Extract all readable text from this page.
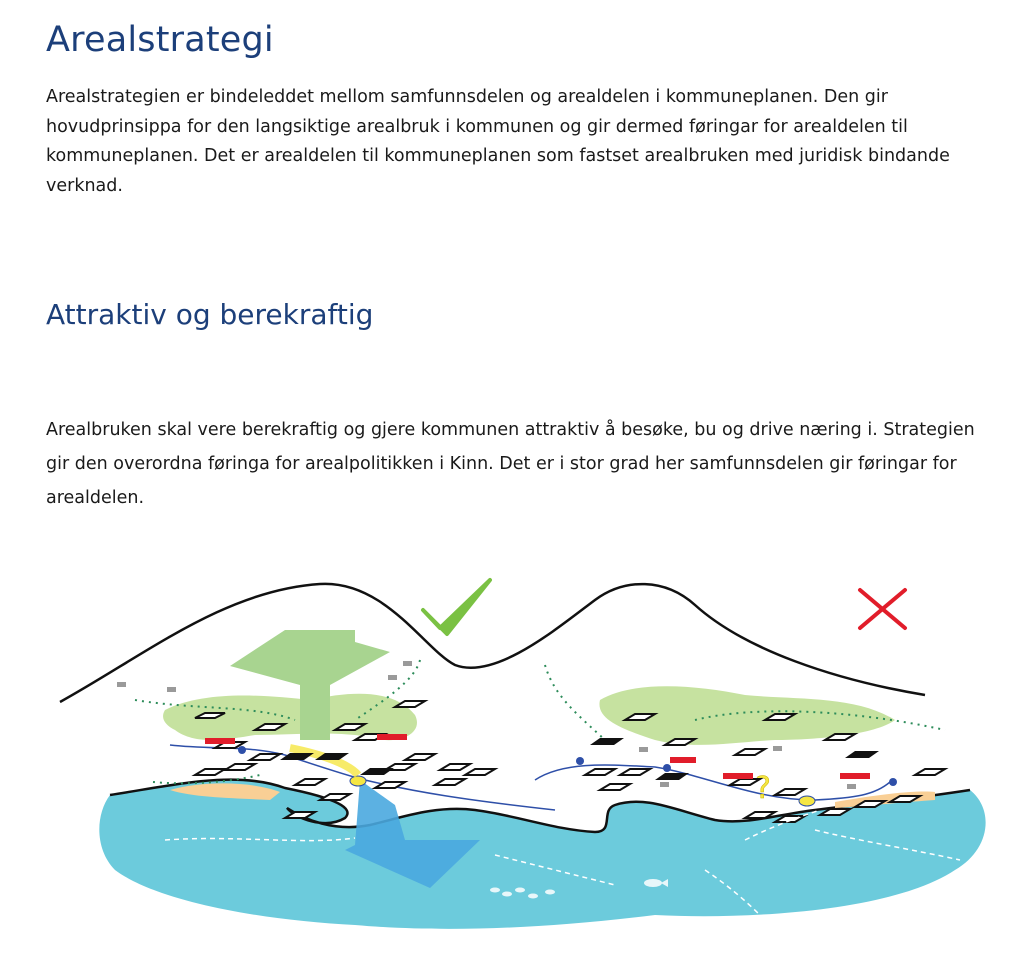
Arealstrategi

Arealstrategien er bindeleddet mellom samfunnsdelen og arealdelen i kommuneplanen. Den gir hovudprinsippa for den langsiktige arealbruk i kommunen og gir dermed føringar for arealdelen til kommuneplanen. Det er arealdelen til kommuneplanen som fastset arealbruken med juridisk bindande verknad.

Attraktiv og berekraftig

Arealbruken skal vere berekraftig og gjere kommunen attraktiv å besøke, bu og drive næring i. Strategien gir den overordna føringa for arealpolitikken i Kinn. Det er i stor grad her samfunnsdelen gir føringar for arealdelen.

?
